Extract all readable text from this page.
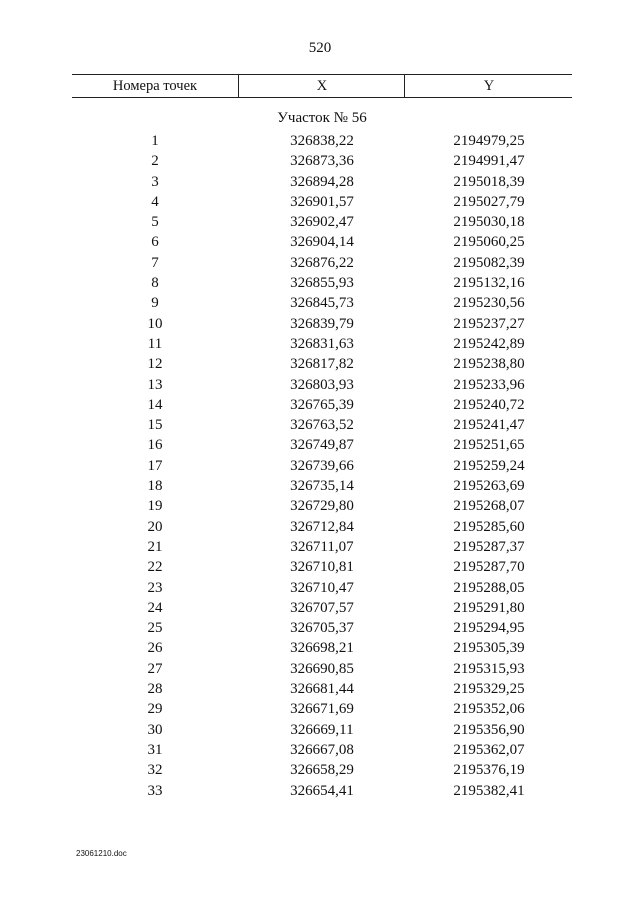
520
Номера точек	X	Y
Участок № 56
1	326838,22	2194979,25
2	326873,36	2194991,47
3	326894,28	2195018,39
4	326901,57	2195027,79
5	326902,47	2195030,18
6	326904,14	2195060,25
7	326876,22	2195082,39
8	326855,93	2195132,16
9	326845,73	2195230,56
10	326839,79	2195237,27
11	326831,63	2195242,89
12	326817,82	2195238,80
13	326803,93	2195233,96
14	326765,39	2195240,72
15	326763,52	2195241,47
16	326749,87	2195251,65
17	326739,66	2195259,24
18	326735,14	2195263,69
19	326729,80	2195268,07
20	326712,84	2195285,60
21	326711,07	2195287,37
22	326710,81	2195287,70
23	326710,47	2195288,05
24	326707,57	2195291,80
25	326705,37	2195294,95
26	326698,21	2195305,39
27	326690,85	2195315,93
28	326681,44	2195329,25
29	326671,69	2195352,06
30	326669,11	2195356,90
31	326667,08	2195362,07
32	326658,29	2195376,19
33	326654,41	2195382,41
23061210.doc
